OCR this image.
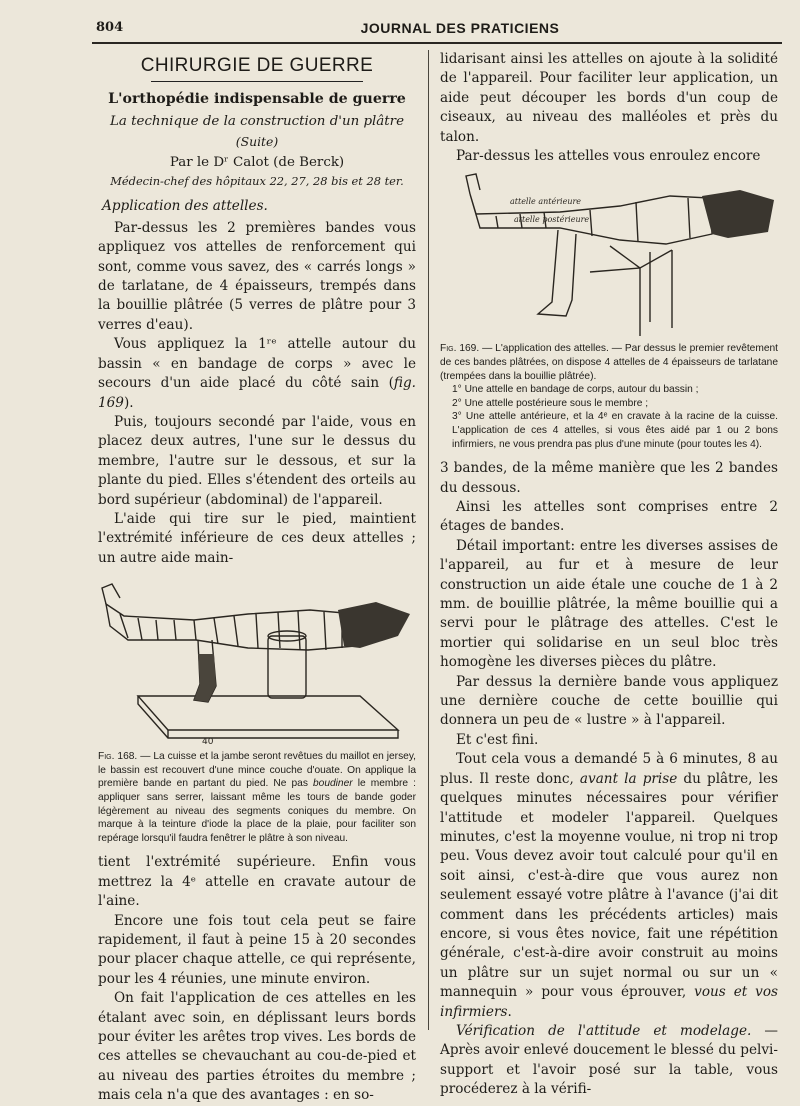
804	JOURNAL DES PRATICIENS
CHIRURGIE DE GUERRE
L'orthopédie indispensable de guerre
La technique de la construction d'un plâtre
(Suite)
Par le Dʳ Calot (de Berck)
Médecin-chef des hôpitaux 22, 27, 28 bis et 28 ter.
Application des attelles.

Par-dessus les 2 premières bandes vous appliquez vos attelles de renforcement qui sont, comme vous savez, des « carrés longs » de tarlatane, de 4 épaisseurs, trempés dans la bouillie plâtrée (5 verres de plâtre pour 3 verres d'eau).

Vous appliquez la 1ʳᵉ attelle autour du bassin « en bandage de corps » avec le secours d'un aide placé du côté sain (fig. 169).

Puis, toujours secondé par l'aide, vous en placez deux autres, l'une sur le dessus du membre, l'autre sur le dessous, et sur la plante du pied. Elles s'étendent des orteils au bord supérieur (abdominal) de l'appareil.

L'aide qui tire sur le pied, maintient l'extrémité inférieure de ces deux attelles ; un autre aide main-

40
Fig. 168. — La cuisse et la jambe seront revêtues du maillot en jersey, le bassin est recouvert d'une mince couche d'ouate. On applique la première bande en partant du pied. Ne pas boudiner le membre : appliquer sans serrer, laissant même les tours de bande goder légèrement au niveau des segments coniques du membre. On marque à la teinture d'iode la place de la plaie, pour faciliter son repérage lorsqu'il faudra fenêtrer le plâtre à son niveau.

tient l'extrémité supérieure. Enfin vous mettrez la 4ᵉ attelle en cravate autour de l'aine.

Encore une fois tout cela peut se faire rapidement, il faut à peine 15 à 20 secondes pour placer chaque attelle, ce qui représente, pour les 4 réunies, une minute environ.

On fait l'application de ces attelles en les étalant avec soin, en déplissant leurs bords pour éviter les arêtes trop vives. Les bords de ces attelles se chevauchant au cou-de-pied et au niveau des parties étroites du membre ; mais cela n'a que des avantages : en so-

lidarisant ainsi les attelles on ajoute à la solidité de l'appareil. Pour faciliter leur application, un aide peut découper les bords d'un coup de ciseaux, au niveau des malléoles et près du talon.

Par-dessus les attelles vous enroulez encore

attelle antérieure
attelle postérieure
Fig. 169. — L'application des attelles. — Par dessus le premier revêtement de ces bandes plâtrées, on dispose 4 attelles de 4 épaisseurs de tarlatane (trempées dans la bouillie plâtrée).
1° Une attelle en bandage de corps, autour du bassin ;
2° Une attelle postérieure sous le membre ;
3° Une attelle antérieure, et la 4ᵉ en cravate à la racine de la cuisse. L'application de ces 4 attelles, si vous êtes aidé par 1 ou 2 bons infirmiers, ne vous prendra pas plus d'une minute (pour toutes les 4).

3 bandes, de la même manière que les 2 bandes du dessous.

Ainsi les attelles sont comprises entre 2 étages de bandes.

Détail important: entre les diverses assises de l'appareil, au fur et à mesure de leur construction un aide étale une couche de 1 à 2 mm. de bouillie plâtrée, la même bouillie qui a servi pour le plâtrage des attelles. C'est le mortier qui solidarise en un seul bloc très homogène les diverses pièces du plâtre.

Par dessus la dernière bande vous appliquez une dernière couche de cette bouillie qui donnera un peu de « lustre » à l'appareil.

Et c'est fini.

Tout cela vous a demandé 5 à 6 minutes, 8 au plus. Il reste donc, avant la prise du plâtre, les quelques minutes nécessaires pour vérifier l'attitude et modeler l'appareil. Quelques minutes, c'est la moyenne voulue, ni trop ni trop peu. Vous devez avoir tout calculé pour qu'il en soit ainsi, c'est-à-dire que vous aurez non seulement essayé votre plâtre à l'avance (j'ai dit comment dans les précédents articles) mais encore, si vous êtes novice, fait une répétition générale, c'est-à-dire avoir construit au moins un plâtre sur un sujet normal ou sur un « mannequin » pour vous éprouver, vous et vos infirmiers.

Vérification de l'attitude et modelage. — Après avoir enlevé doucement le blessé du pelvi-support et l'avoir posé sur la table, vous procéderez à la vérifi-
